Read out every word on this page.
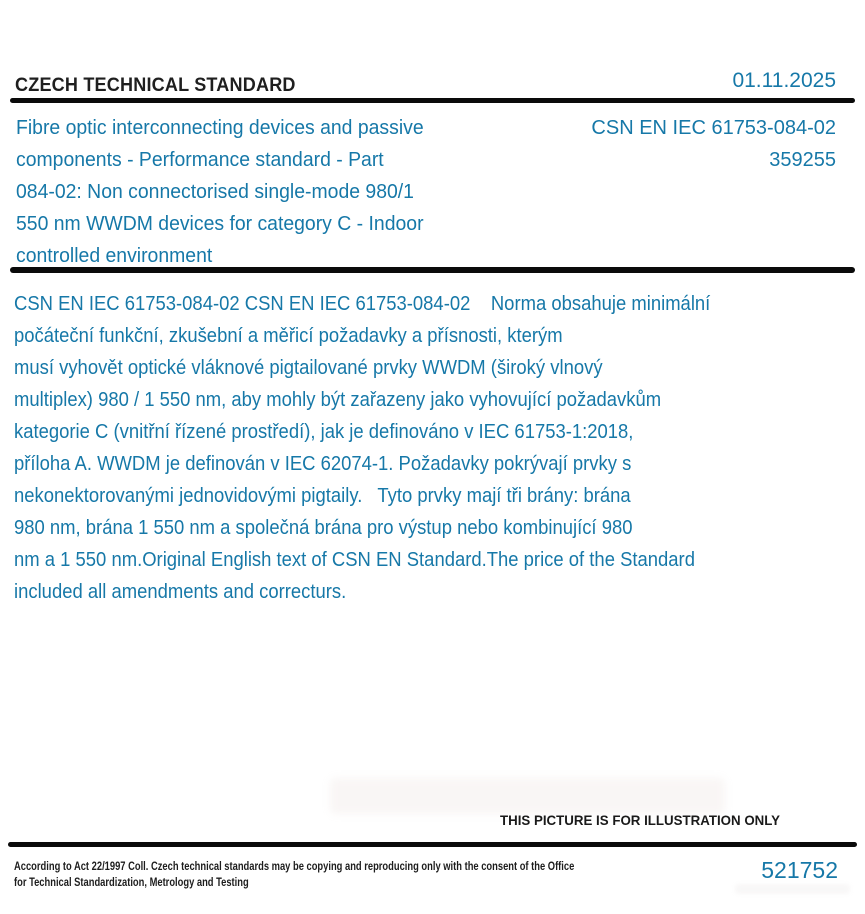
CZECH TECHNICAL STANDARD	01.11.2025
Fibre optic interconnecting devices and passive
components - Performance standard - Part
084-02: Non connectorised single-mode 980/1
550 nm WWDM devices for category C - Indoor
controlled environment
CSN EN IEC 61753-084-02
359255
CSN EN IEC 61753-084-02 CSN EN IEC 61753-084-02    Norma obsahuje minimální
počáteční funkční, zkušební a měřicí požadavky a přísnosti, kterým
musí vyhovět optické vláknové pigtailované prvky WWDM (široký vlnový
multiplex) 980 / 1 550 nm, aby mohly být zařazeny jako vyhovující požadavkům
kategorie C (vnitřní řízené prostředí), jak je definováno v IEC 61753-1:2018,
příloha A. WWDM je definován v IEC 62074-1. Požadavky pokrývají prvky s
nekonektorovanými jednovidovými pigtaily.   Tyto prvky mají tři brány: brána
980 nm, brána 1 550 nm a společná brána pro výstup nebo kombinující 980
nm a 1 550 nm.Original English text of CSN EN Standard.The price of the Standard
included all amendments and correcturs.
THIS PICTURE IS FOR ILLUSTRATION ONLY
According to Act 22/1997 Coll. Czech technical standards may be copying and reproducing only with the consent of the Office
for Technical Standardization, Metrology and Testing	521752
